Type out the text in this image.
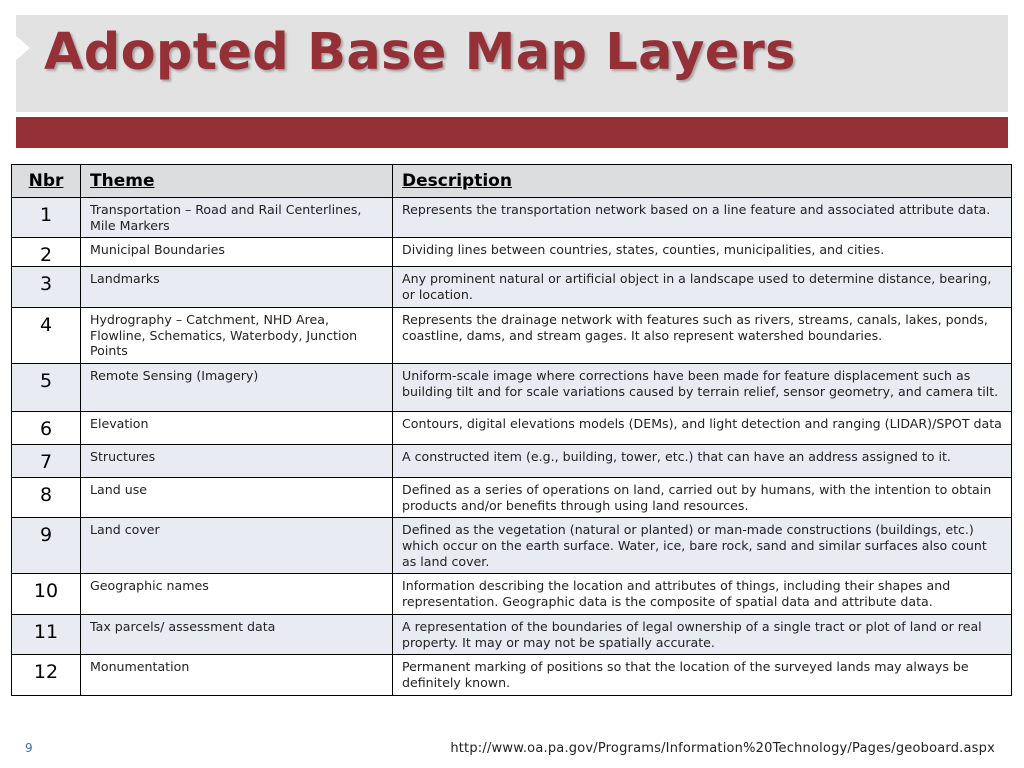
Adopted Base Map Layers
Nbr	Theme	Description
1	Transportation – Road and Rail Centerlines, Mile Markers	Represents the transportation network based on a line feature and associated attribute data.
2	Municipal Boundaries	Dividing lines between countries, states, counties, municipalities, and cities.
3	Landmarks	Any prominent natural or artificial object in a landscape used to determine distance, bearing, or location.
4	Hydrography – Catchment, NHD Area, Flowline, Schematics, Waterbody, Junction Points	Represents the drainage network with features such as rivers, streams, canals, lakes, ponds, coastline, dams, and stream gages. It also represent watershed boundaries.
5	Remote Sensing (Imagery)	Uniform-scale image where corrections have been made for feature displacement such as building tilt and for scale variations caused by terrain relief, sensor geometry, and camera tilt.
6	Elevation	Contours, digital elevations models (DEMs), and light detection and ranging (LIDAR)/SPOT data
7	Structures	A constructed item (e.g., building, tower, etc.) that can have an address assigned to it.
8	Land use	Defined as a series of operations on land, carried out by humans, with the intention to obtain products and/or benefits through using land resources.
9	Land cover	Defined as the vegetation (natural or planted) or man-made constructions (buildings, etc.) which occur on the earth surface. Water, ice, bare rock, sand and similar surfaces also count as land cover.
10	Geographic names	Information describing the location and attributes of things, including their shapes and representation. Geographic data is the composite of spatial data and attribute data.
11	Tax parcels/ assessment data	A representation of the boundaries of legal ownership of a single tract or plot of land or real property. It may or may not be spatially accurate.
12	Monumentation	Permanent marking of positions so that the location of the surveyed lands may always be definitely known.
9	http://www.oa.pa.gov/Programs/Information%20Technology/Pages/geoboard.aspx
